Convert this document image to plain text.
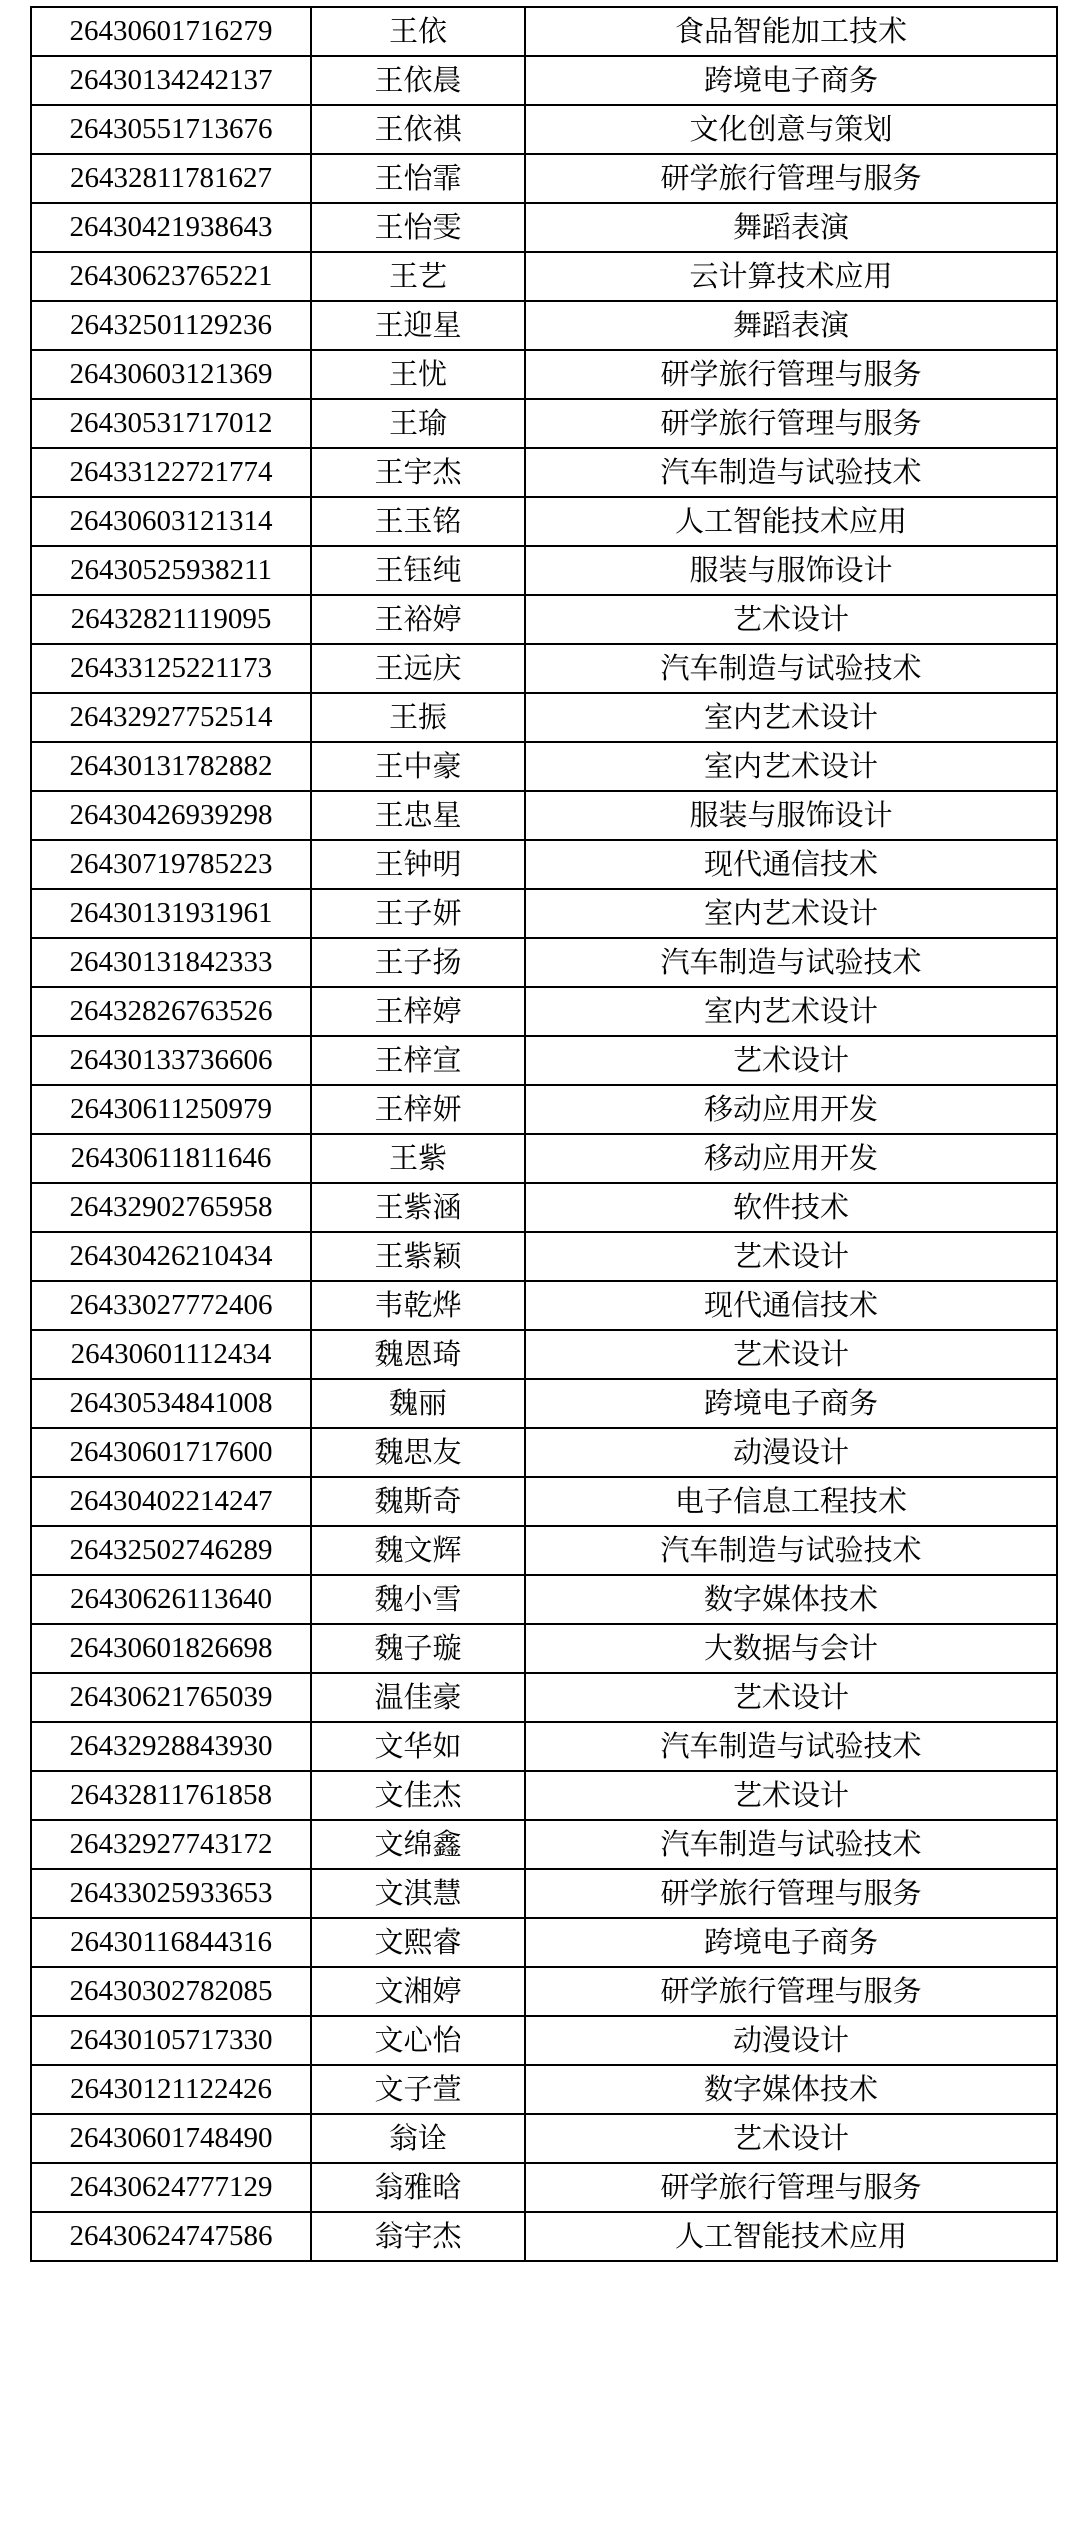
26430601716279	王依	食品智能加工技术
26430134242137	王依晨	跨境电子商务
26430551713676	王依祺	文化创意与策划
26432811781627	王怡霏	研学旅行管理与服务
26430421938643	王怡雯	舞蹈表演
26430623765221	王艺	云计算技术应用
26432501129236	王迎星	舞蹈表演
26430603121369	王忧	研学旅行管理与服务
26430531717012	王瑜	研学旅行管理与服务
26433122721774	王宇杰	汽车制造与试验技术
26430603121314	王玉铭	人工智能技术应用
26430525938211	王钰纯	服装与服饰设计
26432821119095	王裕婷	艺术设计
26433125221173	王远庆	汽车制造与试验技术
26432927752514	王振	室内艺术设计
26430131782882	王中豪	室内艺术设计
26430426939298	王忠星	服装与服饰设计
26430719785223	王钟明	现代通信技术
26430131931961	王子妍	室内艺术设计
26430131842333	王子扬	汽车制造与试验技术
26432826763526	王梓婷	室内艺术设计
26430133736606	王梓宣	艺术设计
26430611250979	王梓妍	移动应用开发
26430611811646	王紫	移动应用开发
26432902765958	王紫涵	软件技术
26430426210434	王紫颖	艺术设计
26433027772406	韦乾烨	现代通信技术
26430601112434	魏恩琦	艺术设计
26430534841008	魏丽	跨境电子商务
26430601717600	魏思友	动漫设计
26430402214247	魏斯奇	电子信息工程技术
26432502746289	魏文辉	汽车制造与试验技术
26430626113640	魏小雪	数字媒体技术
26430601826698	魏子璇	大数据与会计
26430621765039	温佳豪	艺术设计
26432928843930	文华如	汽车制造与试验技术
26432811761858	文佳杰	艺术设计
26432927743172	文绵鑫	汽车制造与试验技术
26433025933653	文淇慧	研学旅行管理与服务
26430116844316	文熙睿	跨境电子商务
26430302782085	文湘婷	研学旅行管理与服务
26430105717330	文心怡	动漫设计
26430121122426	文子萱	数字媒体技术
26430601748490	翁诠	艺术设计
26430624777129	翁雅晗	研学旅行管理与服务
26430624747586	翁宇杰	人工智能技术应用
